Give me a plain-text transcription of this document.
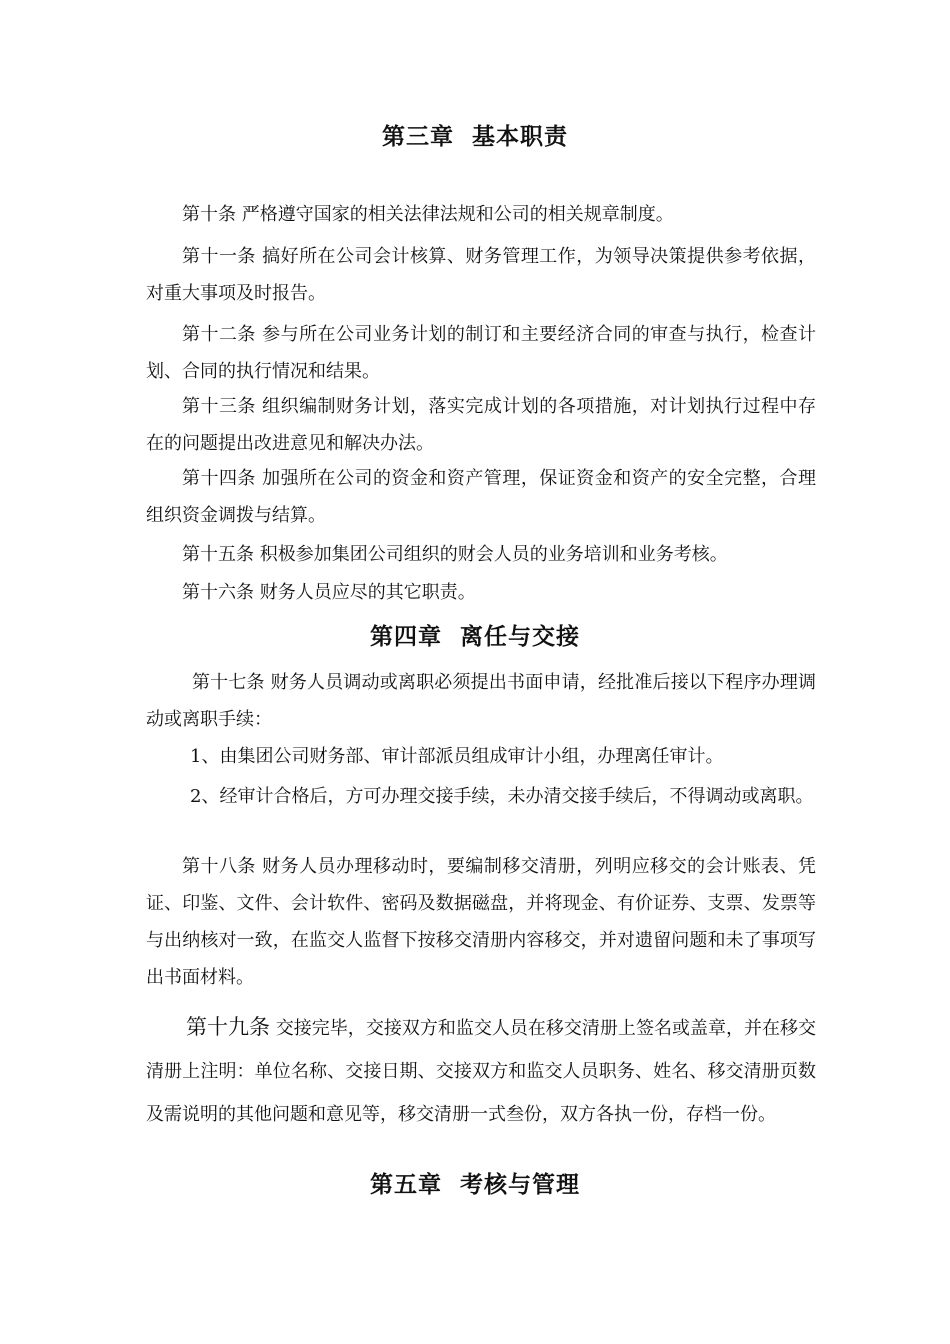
第三章  基本职责
第十条 严格遵守国家的相关法律法规和公司的相关规章制度。
第十一条 搞好所在公司会计核算、财务管理工作，为领导决策提供参考依据，对重大事项及时报告。
第十二条 参与所在公司业务计划的制订和主要经济合同的审查与执行，检查计划、合同的执行情况和结果。
第十三条 组织编制财务计划，落实完成计划的各项措施，对计划执行过程中存在的问题提出改进意见和解决办法。
第十四条 加强所在公司的资金和资产管理，保证资金和资产的安全完整，合理组织资金调拨与结算。
第十五条 积极参加集团公司组织的财会人员的业务培训和业务考核。
第十六条 财务人员应尽的其它职责。
第四章  离任与交接
第十七条 财务人员调动或离职必须提出书面申请，经批准后接以下程序办理调动或离职手续：
1、由集团公司财务部、审计部派员组成审计小组，办理离任审计。
2、经审计合格后，方可办理交接手续，未办清交接手续后，不得调动或离职。
第十八条 财务人员办理移动时，要编制移交清册，列明应移交的会计账表、凭证、印鉴、文件、会计软件、密码及数据磁盘，并将现金、有价证券、支票、发票等与出纳核对一致，在监交人监督下按移交清册内容移交，并对遗留问题和未了事项写出书面材料。
第十九条 交接完毕，交接双方和监交人员在移交清册上签名或盖章，并在移交清册上注明：单位名称、交接日期、交接双方和监交人员职务、姓名、移交清册页数及需说明的其他问题和意见等，移交清册一式叁份，双方各执一份，存档一份。
第五章  考核与管理
